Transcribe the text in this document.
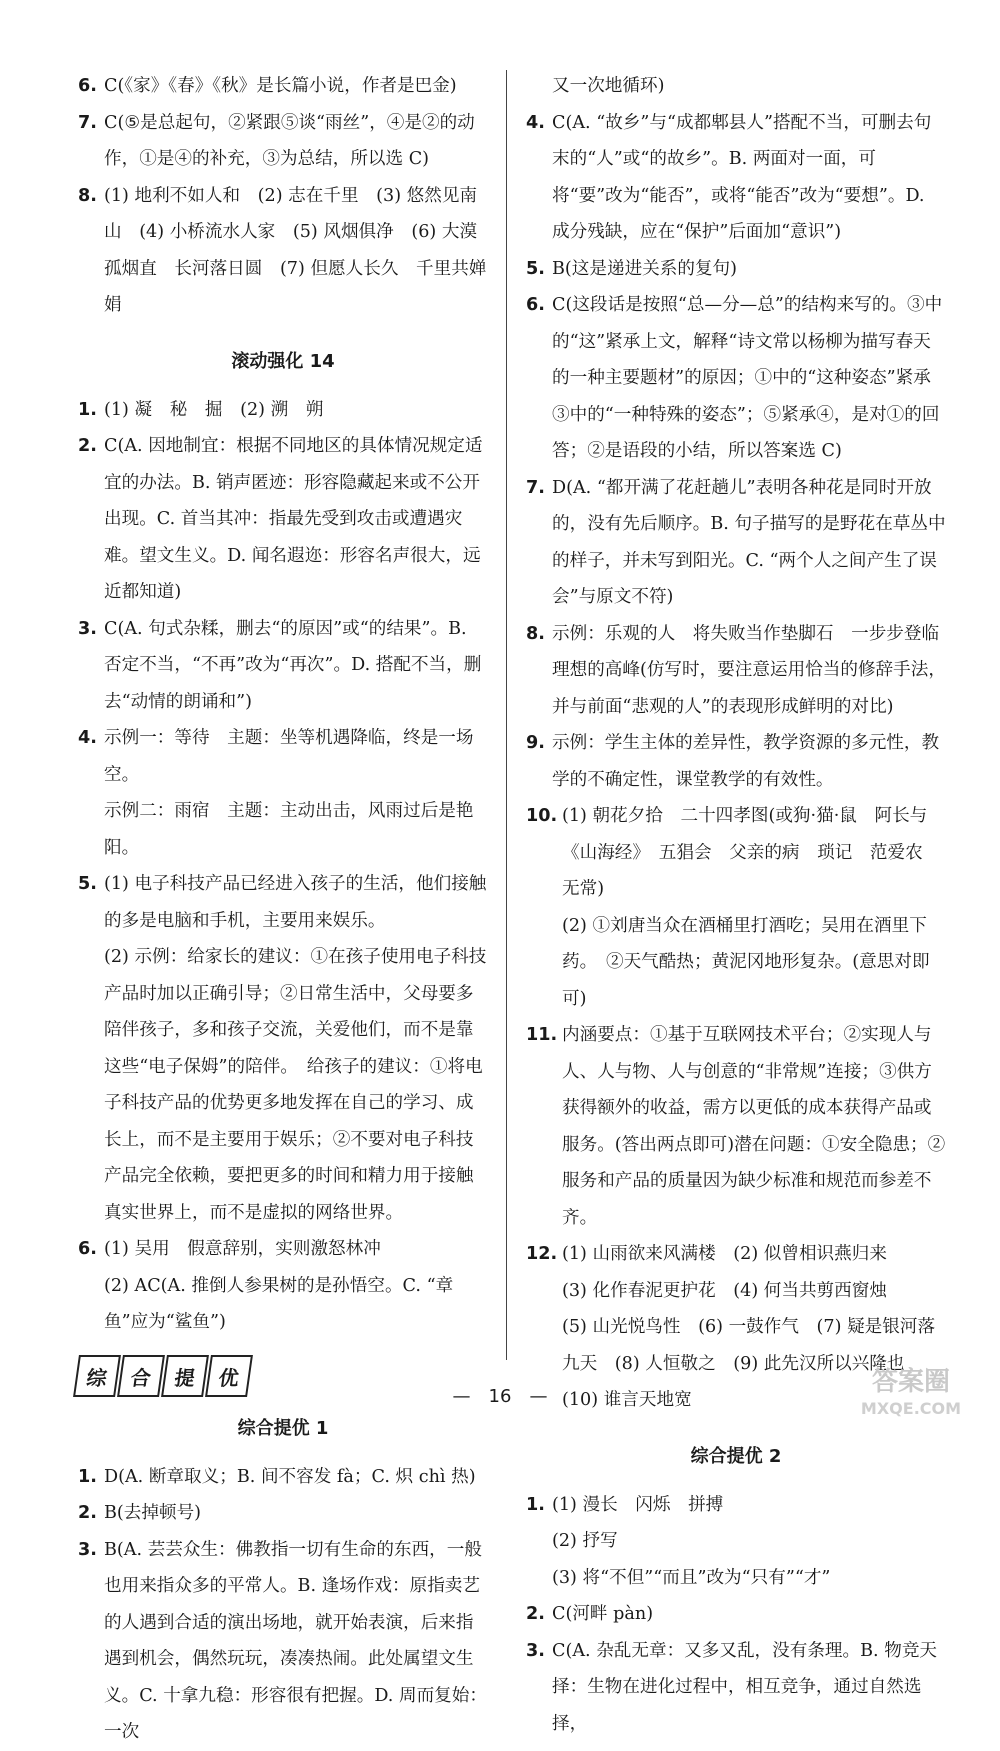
6. C(《家》《春》《秋》是长篇小说，作者是巴金)
7. C(⑤是总起句，②紧跟⑤谈“雨丝”，④是②的动作，①是④的补充，③为总结，所以选 C)
8. (1) 地利不如人和　(2) 志在千里　(3) 悠然见南山　(4) 小桥流水人家　(5) 风烟俱净　(6) 大漠孤烟直　长河落日圆　(7) 但愿人长久　千里共婵娟
滚动强化 14
1. (1) 凝　秘　掘　(2) 溯　朔
2. C(A. 因地制宜：根据不同地区的具体情况规定适宜的办法。B. 销声匿迹：形容隐藏起来或不公开出现。C. 首当其冲：指最先受到攻击或遭遇灾难。望文生义。D. 闻名遐迩：形容名声很大，远近都知道)
3. C(A. 句式杂糅，删去“的原因”或“的结果”。B. 否定不当，“不再”改为“再次”。D. 搭配不当，删去“动情的朗诵和”)
4. 示例一：等待　主题：坐等机遇降临，终是一场空。
示例二：雨宿　主题：主动出击，风雨过后是艳阳。
5. (1) 电子科技产品已经进入孩子的生活，他们接触的多是电脑和手机，主要用来娱乐。
(2) 示例：给家长的建议：①在孩子使用电子科技产品时加以正确引导；②日常生活中，父母要多陪伴孩子，多和孩子交流，关爱他们，而不是靠这些“电子保姆”的陪伴。　给孩子的建议：①将电子科技产品的优势更多地发挥在自己的学习、成长上，而不是主要用于娱乐；②不要对电子科技产品完全依赖，要把更多的时间和精力用于接触真实世界上，而不是虚拟的网络世界。
6. (1) 吴用　假意辞别，实则激怒林冲
(2) AC(A. 推倒人参果树的是孙悟空。C. “章鱼”应为“鲨鱼”)
综	合	提	优
综合提优 1
1. D(A. 断章取义；B. 间不容发 fà；C. 炽 chì 热)
2. B(去掉顿号)
3. B(A. 芸芸众生：佛教指一切有生命的东西，一般也用来指众多的平常人。B. 逢场作戏：原指卖艺的人遇到合适的演出场地，就开始表演，后来指遇到机会，偶然玩玩，凑凑热闹。此处属望文生义。C. 十拿九稳：形容很有把握。D. 周而复始：一次
又一次地循环)
4. C(A. “故乡”与“成都郫县人”搭配不当，可删去句末的“人”或“的故乡”。B. 两面对一面，可将“要”改为“能否”，或将“能否”改为“要想”。D. 成分残缺，应在“保护”后面加“意识”)
5. B(这是递进关系的复句)
6. C(这段话是按照“总—分—总”的结构来写的。③中的“这”紧承上文，解释“诗文常以杨柳为描写春天的一种主要题材”的原因；①中的“这种姿态”紧承③中的“一种特殊的姿态”；⑤紧承④，是对①的回答；②是语段的小结，所以答案选 C)
7. D(A. “都开满了花赶趟儿”表明各种花是同时开放的，没有先后顺序。B. 句子描写的是野花在草丛中的样子，并未写到阳光。C. “两个人之间产生了误会”与原文不符)
8. 示例：乐观的人　将失败当作垫脚石　一步步登临理想的高峰(仿写时，要注意运用恰当的修辞手法，并与前面“悲观的人”的表现形成鲜明的对比)
9. 示例：学生主体的差异性，教学资源的多元性，教学的不确定性，课堂教学的有效性。
10. (1) 朝花夕拾　二十四孝图(或狗·猫·鼠　阿长与《山海经》　五猖会　父亲的病　琐记　范爱农　无常)
(2) ①刘唐当众在酒桶里打酒吃；吴用在酒里下药。　②天气酷热；黄泥冈地形复杂。(意思对即可)
11. 内涵要点：①基于互联网技术平台；②实现人与人、人与物、人与创意的“非常规”连接；③供方获得额外的收益，需方以更低的成本获得产品或服务。(答出两点即可)潜在问题：①安全隐患；②服务和产品的质量因为缺少标准和规范而参差不齐。
12. (1) 山雨欲来风满楼　(2) 似曾相识燕归来
(3) 化作春泥更护花　(4) 何当共剪西窗烛
(5) 山光悦鸟性　(6) 一鼓作气　(7) 疑是银河落九天　(8) 人恒敬之　(9) 此先汉所以兴隆也
(10) 谁言天地宽
综合提优 2
1. (1) 漫长　闪烁　拼搏
(2) 抒写
(3) 将“不但”“而且”改为“只有”“才”
2. C(河畔 pàn)
3. C(A. 杂乱无章：又多又乱，没有条理。B. 物竞天择：生物在进化过程中，相互竞争，通过自然选择，
—　16　—	答案圈
MXQE.COM
